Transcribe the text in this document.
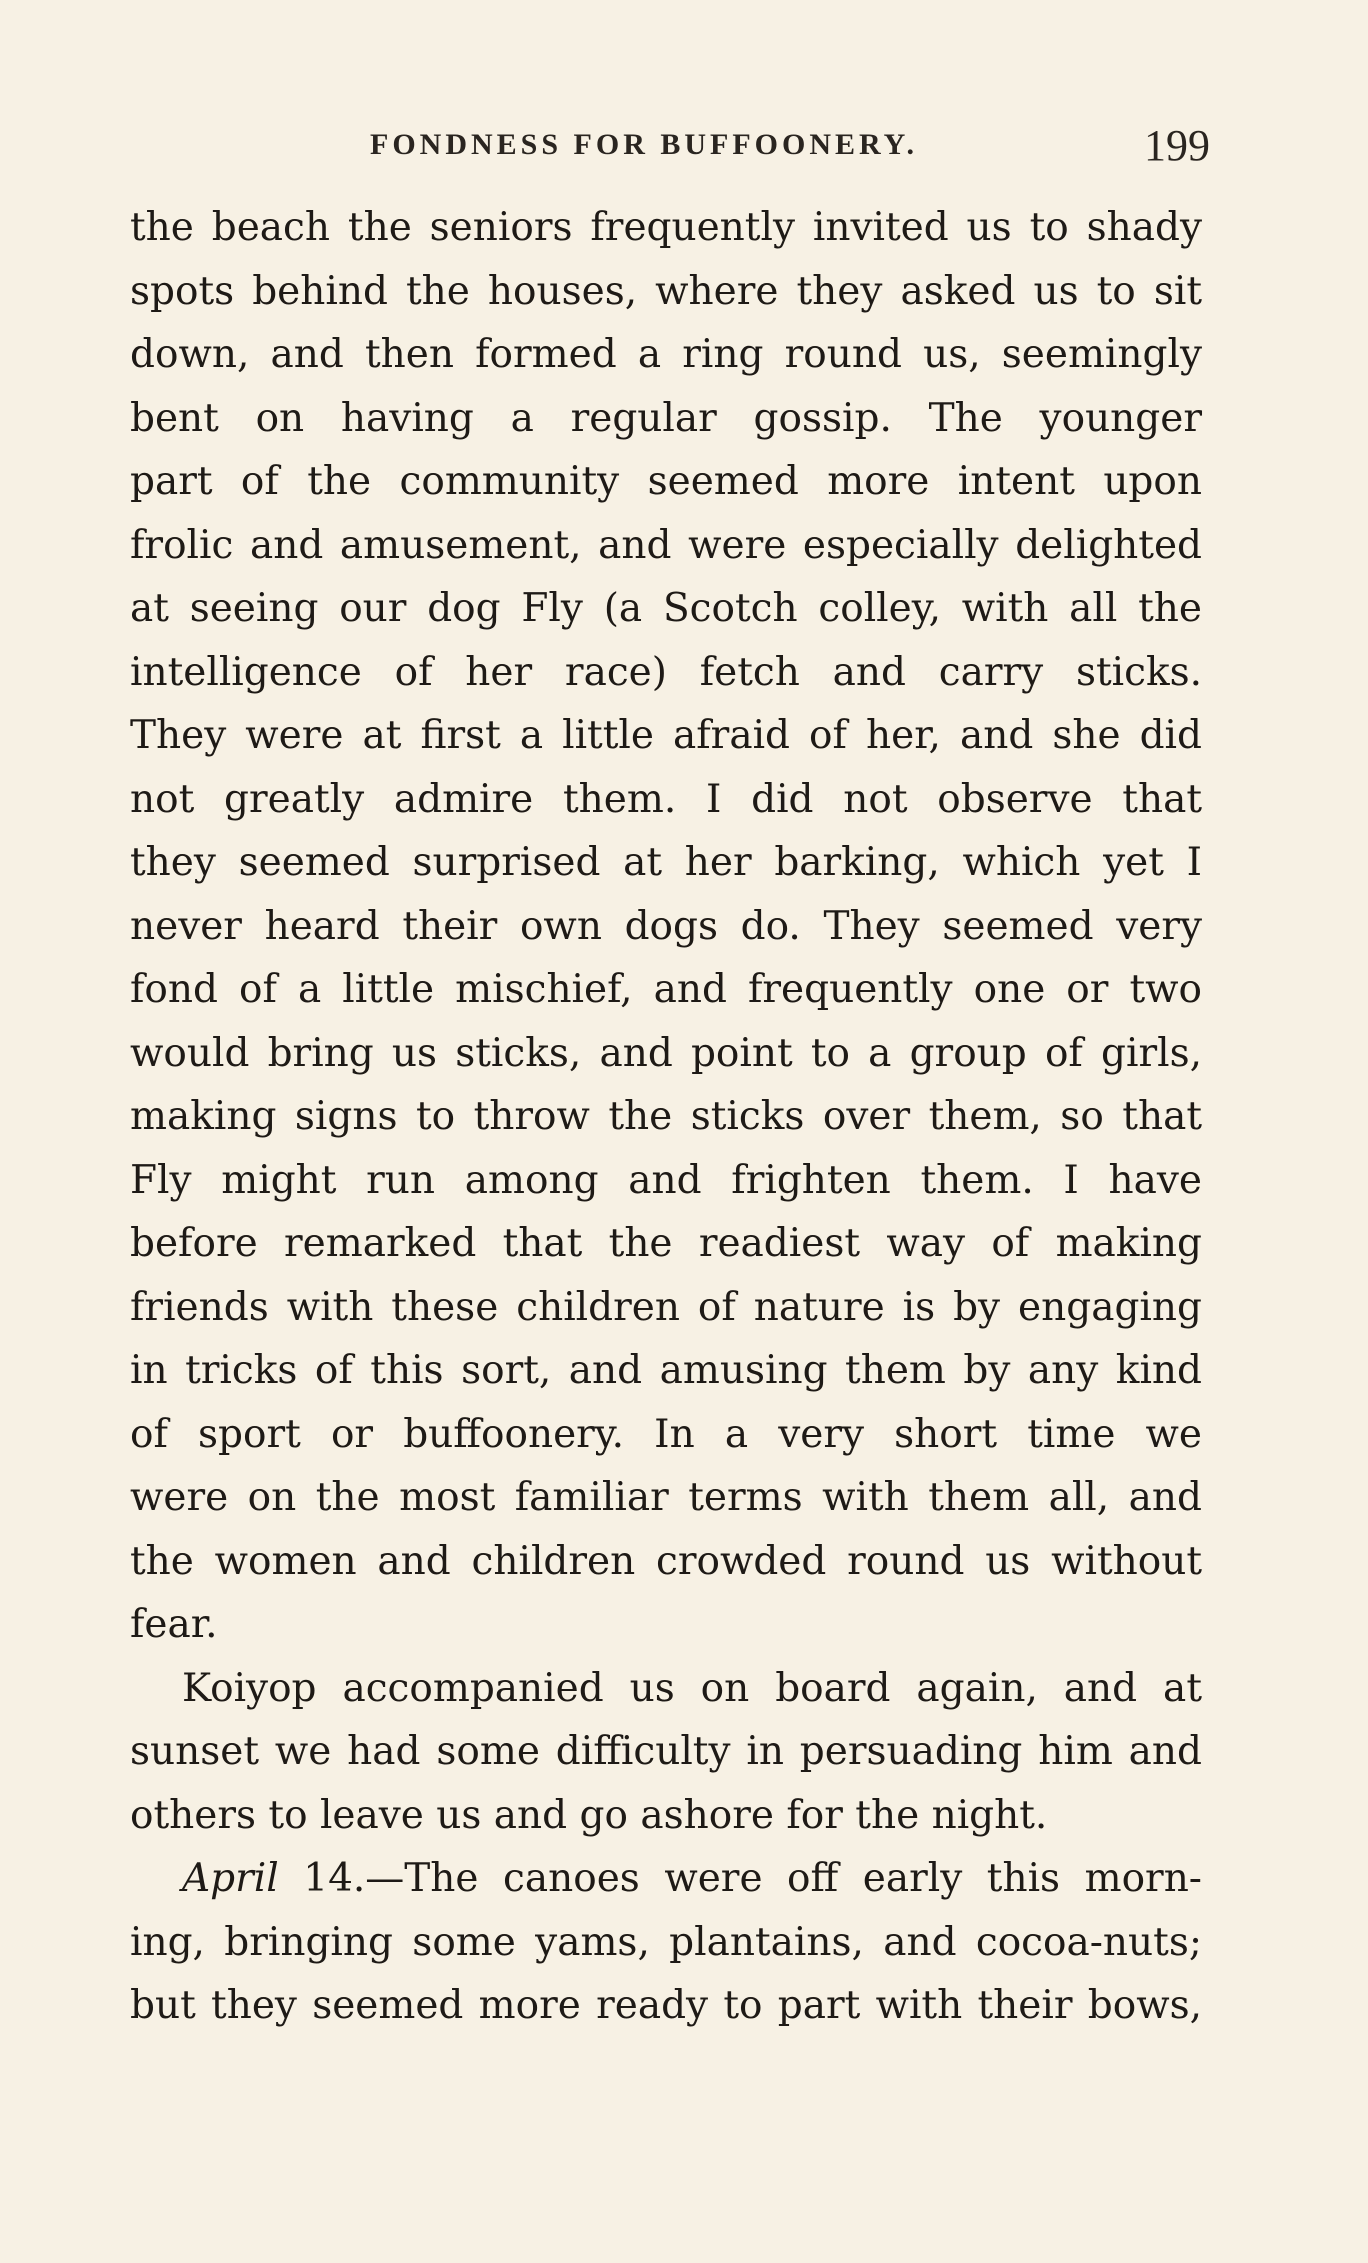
FONDNESS FOR BUFFOONERY.	199
the beach the seniors frequently invited us to shady
spots behind the houses, where they asked us to sit
down, and then formed a ring round us, seemingly
bent on having a regular gossip. The younger
part of the community seemed more intent upon
frolic and amusement, and were especially delighted
at seeing our dog Fly (a Scotch colley, with all the
intelligence of her race) fetch and carry sticks.
They were at first a little afraid of her, and she did
not greatly admire them. I did not observe that
they seemed surprised at her barking, which yet I
never heard their own dogs do. They seemed very
fond of a little mischief, and frequently one or two
would bring us sticks, and point to a group of girls,
making signs to throw the sticks over them, so that
Fly might run among and frighten them. I have
before remarked that the readiest way of making
friends with these children of nature is by engaging
in tricks of this sort, and amusing them by any kind
of sport or buffoonery. In a very short time we
were on the most familiar terms with them all, and
the women and children crowded round us without
fear.
Koiyop accompanied us on board again, and at
sunset we had some difficulty in persuading him and
others to leave us and go ashore for the night.
April 14.—The canoes were off early this morn-
ing, bringing some yams, plantains, and cocoa-nuts;
but they seemed more ready to part with their bows,
